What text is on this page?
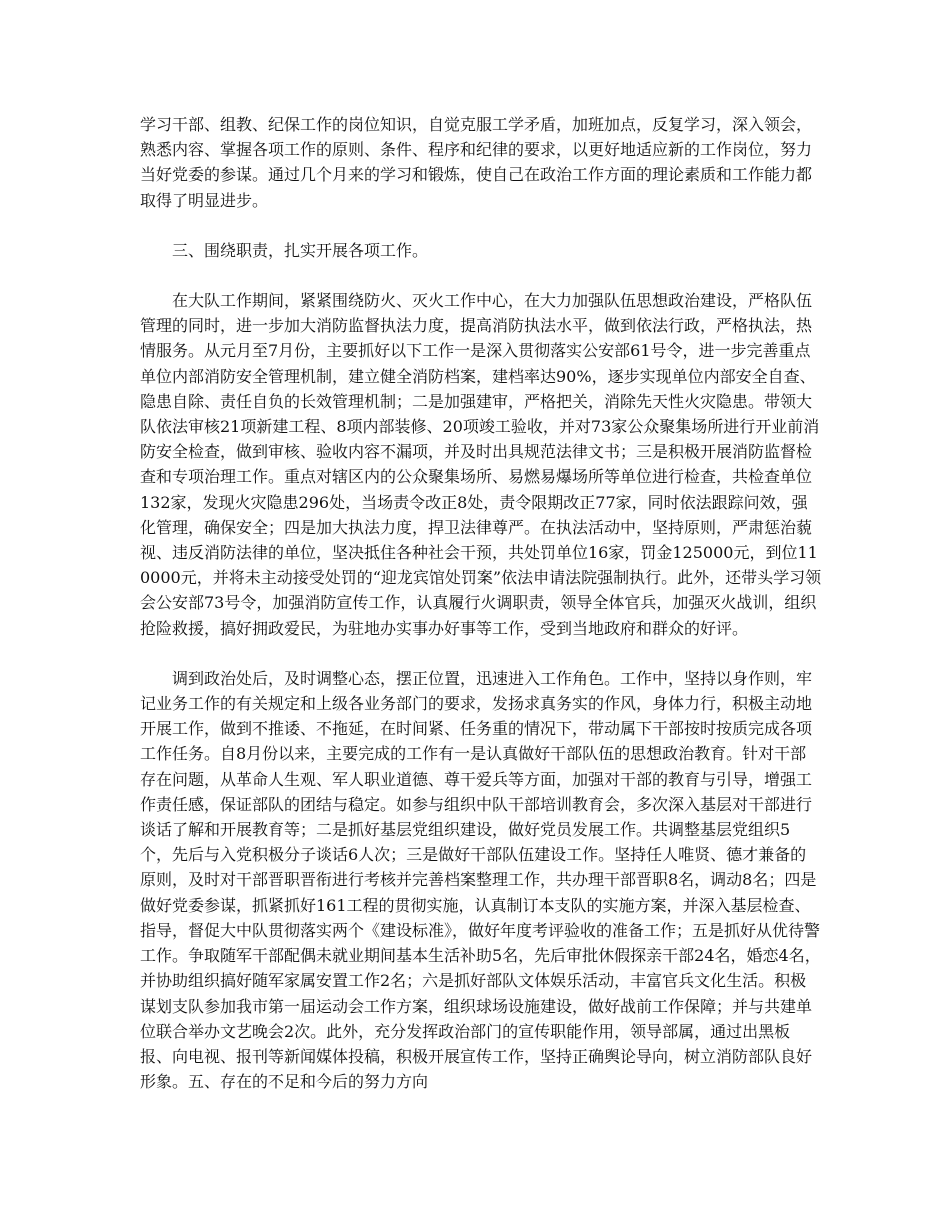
学习干部、组教、纪保工作的岗位知识，自觉克服工学矛盾，加班加点，反复学习，深入领会，熟悉内容、掌握各项工作的原则、条件、程序和纪律的要求，以更好地适应新的工作岗位，努力当好党委的参谋。通过几个月来的学习和锻炼，使自己在政治工作方面的理论素质和工作能力都取得了明显进步。

　　三、围绕职责，扎实开展各项工作。

　　在大队工作期间，紧紧围绕防火、灭火工作中心，在大力加强队伍思想政治建设，严格队伍管理的同时，进一步加大消防监督执法力度，提高消防执法水平，做到依法行政，严格执法，热情服务。从元月至7月份，主要抓好以下工作一是深入贯彻落实公安部61号令，进一步完善重点单位内部消防安全管理机制，建立健全消防档案，建档率达90%，逐步实现单位内部安全自查、隐患自除、责任自负的长效管理机制；二是加强建审，严格把关，消除先天性火灾隐患。带领大队依法审核21项新建工程、8项内部装修、20项竣工验收，并对73家公众聚集场所进行开业前消防安全检查，做到审核、验收内容不漏项，并及时出具规范法律文书；三是积极开展消防监督检查和专项治理工作。重点对辖区内的公众聚集场所、易燃易爆场所等单位进行检查，共检查单位132家，发现火灾隐患296处，当场责令改正8处，责令限期改正77家，同时依法跟踪问效，强化管理，确保安全；四是加大执法力度，捍卫法律尊严。在执法活动中，坚持原则，严肃惩治藐视、违反消防法律的单位，坚决抵住各种社会干预，共处罚单位16家，罚金125000元，到位110000元，并将未主动接受处罚的“迎龙宾馆处罚案”依法申请法院强制执行。此外，还带头学习领会公安部73号令，加强消防宣传工作，认真履行火调职责，领导全体官兵，加强灭火战训，组织抢险救援，搞好拥政爱民，为驻地办实事办好事等工作，受到当地政府和群众的好评。

　　调到政治处后，及时调整心态，摆正位置，迅速进入工作角色。工作中，坚持以身作则，牢记业务工作的有关规定和上级各业务部门的要求，发扬求真务实的作风，身体力行，积极主动地开展工作，做到不推诿、不拖延，在时间紧、任务重的情况下，带动属下干部按时按质完成各项工作任务。自8月份以来，主要完成的工作有一是认真做好干部队伍的思想政治教育。针对干部存在问题，从革命人生观、军人职业道德、尊干爱兵等方面，加强对干部的教育与引导，增强工作责任感，保证部队的团结与稳定。如参与组织中队干部培训教育会，多次深入基层对干部进行谈话了解和开展教育等；二是抓好基层党组织建设，做好党员发展工作。共调整基层党组织5个，先后与入党积极分子谈话6人次；三是做好干部队伍建设工作。坚持任人唯贤、德才兼备的原则，及时对干部晋职晋衔进行考核并完善档案整理工作，共办理干部晋职8名，调动8名；四是做好党委参谋，抓紧抓好161工程的贯彻实施，认真制订本支队的实施方案，并深入基层检查、指导，督促大中队贯彻落实两个《建设标准》，做好年度考评验收的准备工作；五是抓好从优待警工作。争取随军干部配偶未就业期间基本生活补助5名，先后审批休假探亲干部24名，婚恋4名，并协助组织搞好随军家属安置工作2名；六是抓好部队文体娱乐活动，丰富官兵文化生活。积极谋划支队参加我市第一届运动会工作方案，组织球场设施建设，做好战前工作保障；并与共建单位联合举办文艺晚会2次。此外，充分发挥政治部门的宣传职能作用，领导部属，通过出黑板报、向电视、报刊等新闻媒体投稿，积极开展宣传工作，坚持正确舆论导向，树立消防部队良好形象。五、存在的不足和今后的努力方向
